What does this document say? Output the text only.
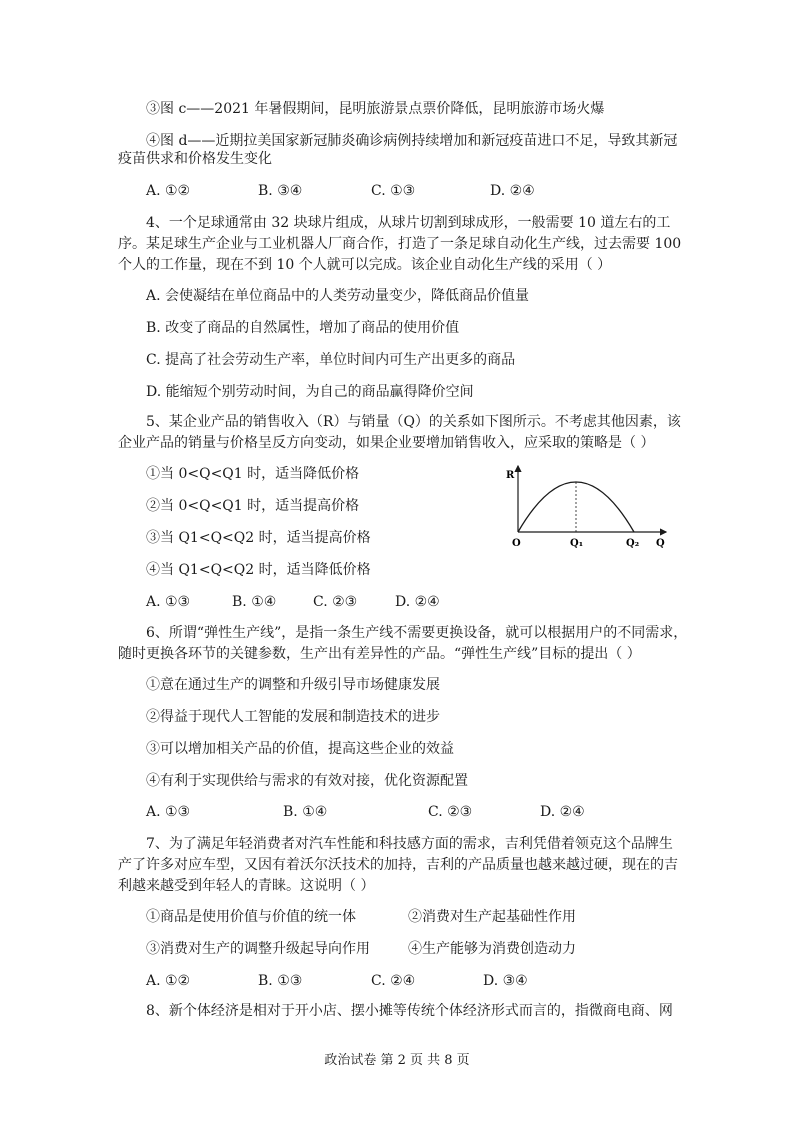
③图 c——2021 年暑假期间，昆明旅游景点票价降低，昆明旅游市场火爆
④图 d——近期拉美国家新冠肺炎确诊病例持续增加和新冠疫苗进口不足，导致其新冠
疫苗供求和价格发生变化
A. ①②	B. ③④	C. ①③	D. ②④
4、一个足球通常由 32 块球片组成，从球片切割到球成形，一般需要 10 道左右的工
序。某足球生产企业与工业机器人厂商合作，打造了一条足球自动化生产线，过去需要 100
个人的工作量，现在不到 10 个人就可以完成。该企业自动化生产线的采用（ ）
A. 会使凝结在单位商品中的人类劳动量变少，降低商品价值量
B. 改变了商品的自然属性，增加了商品的使用价值
C. 提高了社会劳动生产率，单位时间内可生产出更多的商品
D. 能缩短个别劳动时间，为自己的商品赢得降价空间
5、某企业产品的销售收入（R）与销量（Q）的关系如下图所示。不考虑其他因素，该
企业产品的销量与价格呈反方向变动，如果企业要增加销售收入，应采取的策略是（ ）
①当 0<Q<Q1 时，适当降低价格
②当 0<Q<Q1 时，适当提高价格
③当 Q1<Q<Q2 时，适当提高价格
④当 Q1<Q<Q2 时，适当降低价格
A. ①③	B. ①④	C. ②③	D. ②④
R
Q
O	Q₁	Q₂
6、所谓“弹性生产线”，是指一条生产线不需要更换设备，就可以根据用户的不同需求，
随时更换各环节的关键参数，生产出有差异性的产品。“弹性生产线”目标的提出（ ）
①意在通过生产的调整和升级引导市场健康发展
②得益于现代人工智能的发展和制造技术的进步
③可以增加相关产品的价值，提高这些企业的效益
④有利于实现供给与需求的有效对接，优化资源配置
A. ①③	B. ①④	C. ②③	D. ②④
7、为了满足年轻消费者对汽车性能和科技感方面的需求，吉利凭借着领克这个品牌生
产了许多对应车型，又因有着沃尔沃技术的加持，吉利的产品质量也越来越过硬，现在的吉
利越来越受到年轻人的青睐。这说明（ ）
①商品是使用价值与价值的统一体	②消费对生产起基础性作用
③消费对生产的调整升级起导向作用	④生产能够为消费创造动力
A. ①②	B. ①③	C. ②④	D. ③④
8、新个体经济是相对于开小店、摆小摊等传统个体经济形式而言的，指微商电商、网
政治试卷 第 2 页 共 8 页
